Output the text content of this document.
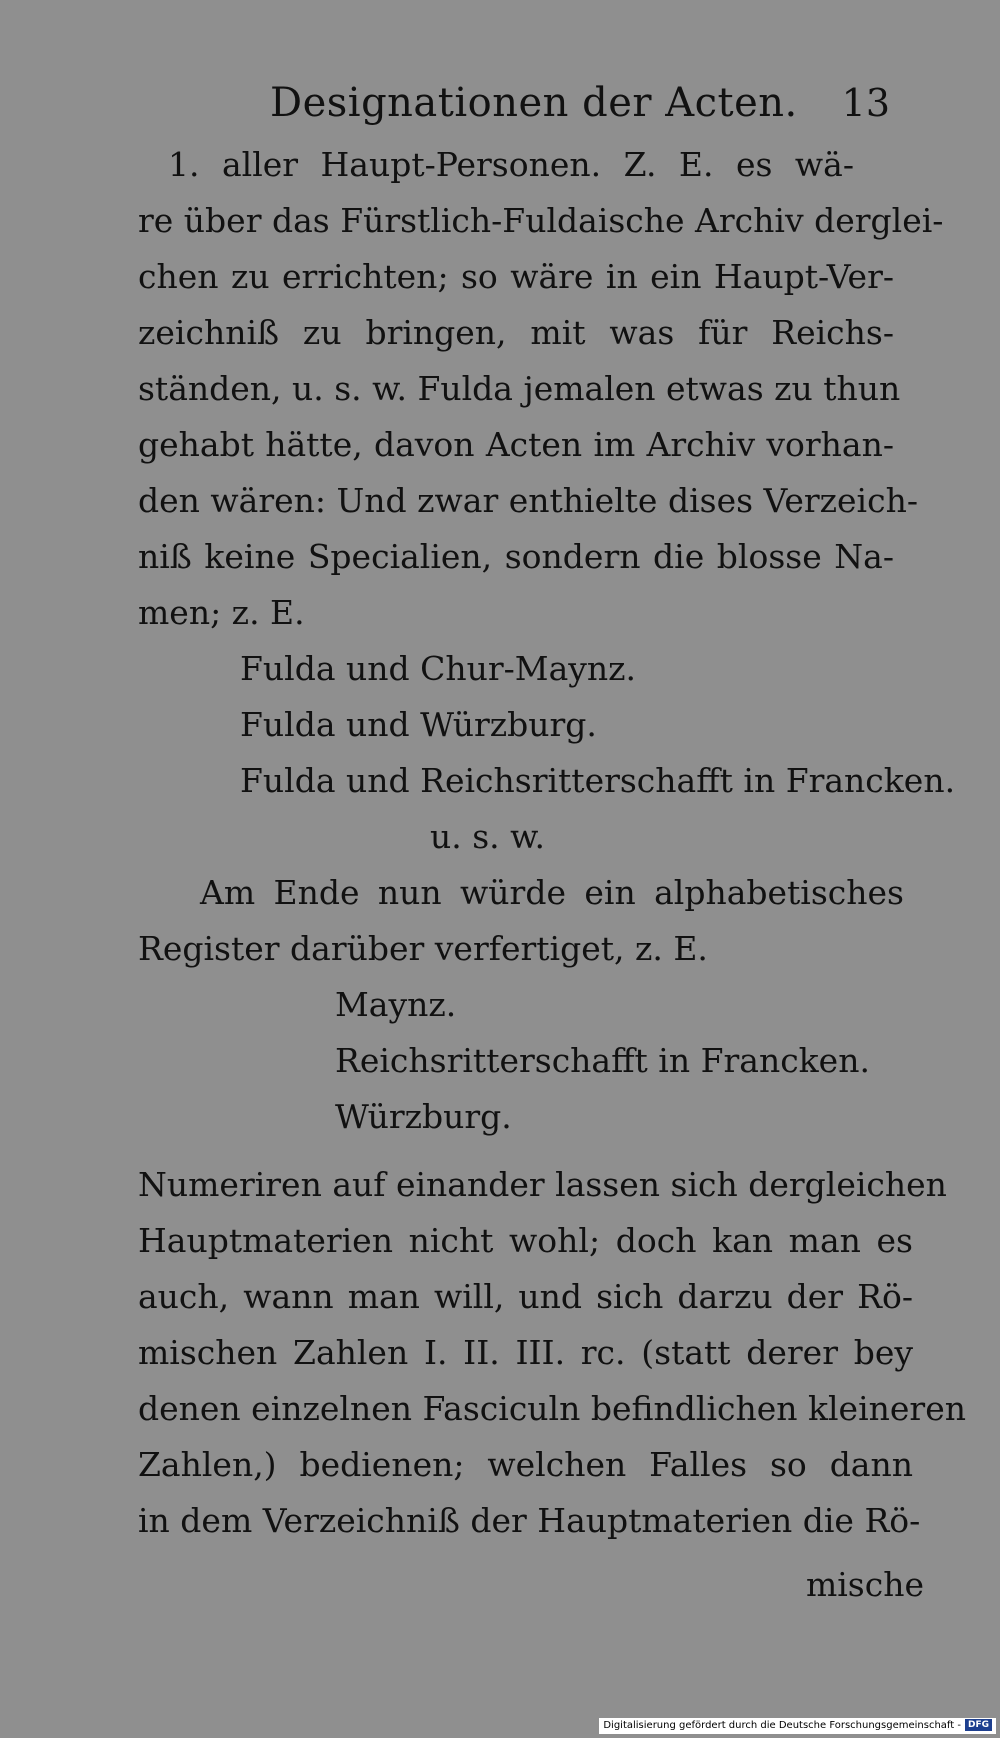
Designationen der Acten. 13
1. aller Haupt-Personen. Z. E. es wä-
re über das Fürstlich-Fuldaische Archiv derglei-
chen zu errichten; so wäre in ein Haupt-Ver-
zeichniß zu bringen, mit was für Reichs-
ständen, u. s. w. Fulda jemalen etwas zu thun
gehabt hätte, davon Acten im Archiv vorhan-
den wären: Und zwar enthielte dises Verzeich-
niß keine Specialien, sondern die blosse Na-
men; z. E.
Fulda und Chur-Maynz.
Fulda und Würzburg.
Fulda und Reichsritterschafft in Francken.
u. s. w.
Am Ende nun würde ein alphabetisches
Register darüber verfertiget, z. E.
Maynz.
Reichsritterschafft in Francken.
Würzburg.
Numeriren auf einander lassen sich dergleichen
Hauptmaterien nicht wohl; doch kan man es
auch, wann man will, und sich darzu der Rö-
mischen Zahlen I. II. III. rc. (statt derer bey
denen einzelnen Fasciculn befindlichen kleineren
Zahlen,) bedienen; welchen Falles so dann
in dem Verzeichniß der Hauptmaterien die Rö-
mische
Digitalisierung gefördert durch die Deutsche Forschungsgemeinschaft - DFG
